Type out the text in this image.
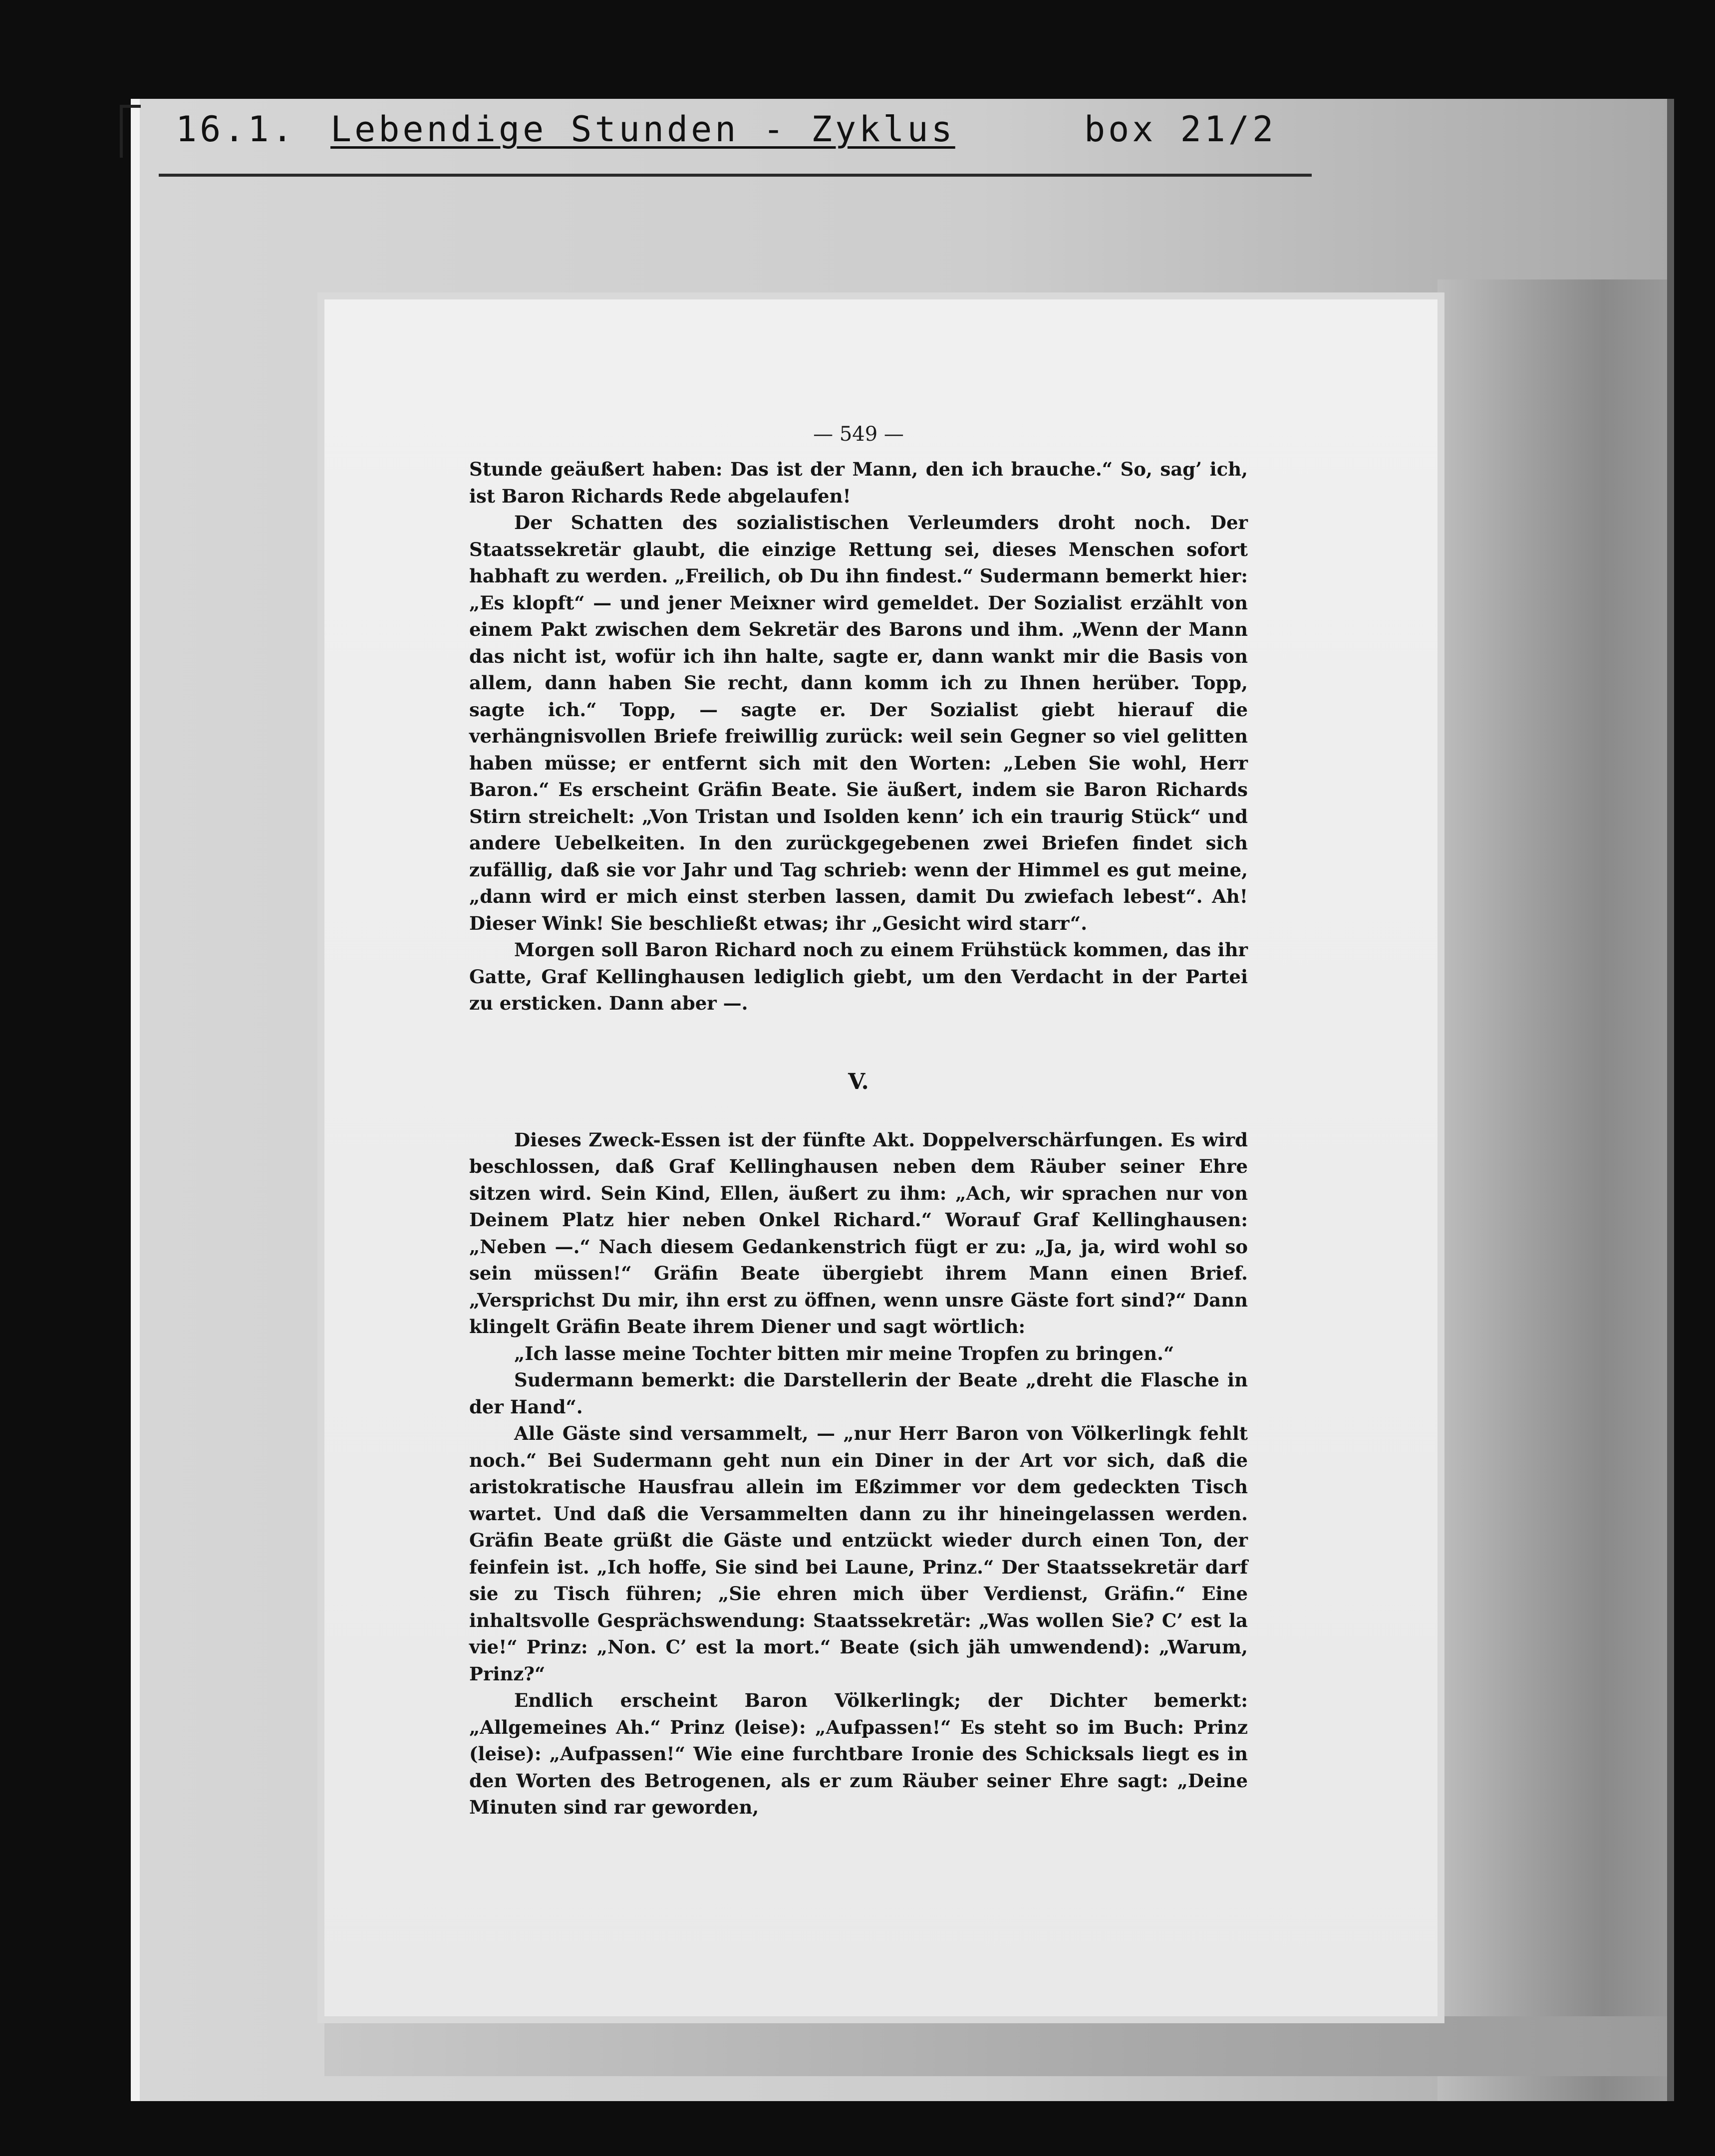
16.1. Lebendige Stunden - Zyklus	box 21/2
— 549 —

Stunde geäußert haben: Das ist der Mann, den ich brauche.“ So, sag’ ich, ist Baron Richards Rede abgelaufen!

Der Schatten des sozialistischen Verleumders droht noch. Der Staatssekretär glaubt, die einzige Rettung sei, dieses Menschen sofort habhaft zu werden. „Freilich, ob Du ihn findest.“ Sudermann bemerkt hier: „Es klopft“ — und jener Meixner wird gemeldet. Der Sozialist erzählt von einem Pakt zwischen dem Sekretär des Barons und ihm. „Wenn der Mann das nicht ist, wofür ich ihn halte, sagte er, dann wankt mir die Basis von allem, dann haben Sie recht, dann komm ich zu Ihnen herüber. Topp, sagte ich.“ Topp, — sagte er. Der Sozialist giebt hierauf die verhängnisvollen Briefe freiwillig zurück: weil sein Gegner so viel gelitten haben müsse; er entfernt sich mit den Worten: „Leben Sie wohl, Herr Baron.“ Es erscheint Gräfin Beate. Sie äußert, indem sie Baron Richards Stirn streichelt: „Von Tristan und Isolden kenn’ ich ein traurig Stück“ und andere Uebelkeiten. In den zurückgegebenen zwei Briefen findet sich zufällig, daß sie vor Jahr und Tag schrieb: wenn der Himmel es gut meine, „dann wird er mich einst sterben lassen, damit Du zwiefach lebest“. Ah! Dieser Wink! Sie beschließt etwas; ihr „Gesicht wird starr“.

Morgen soll Baron Richard noch zu einem Frühstück kommen, das ihr Gatte, Graf Kellinghausen lediglich giebt, um den Verdacht in der Partei zu ersticken. Dann aber —.

V.

Dieses Zweck-Essen ist der fünfte Akt. Doppelverschärfungen. Es wird beschlossen, daß Graf Kellinghausen neben dem Räuber seiner Ehre sitzen wird. Sein Kind, Ellen, äußert zu ihm: „Ach, wir sprachen nur von Deinem Platz hier neben Onkel Richard.“ Worauf Graf Kellinghausen: „Neben —.“ Nach diesem Gedankenstrich fügt er zu: „Ja, ja, wird wohl so sein müssen!“ Gräfin Beate übergiebt ihrem Mann einen Brief. „Versprichst Du mir, ihn erst zu öffnen, wenn unsre Gäste fort sind?“ Dann klingelt Gräfin Beate ihrem Diener und sagt wörtlich:

„Ich lasse meine Tochter bitten mir meine Tropfen zu bringen.“

Sudermann bemerkt: die Darstellerin der Beate „dreht die Flasche in der Hand“.

Alle Gäste sind versammelt, — „nur Herr Baron von Völkerlingk fehlt noch.“ Bei Sudermann geht nun ein Diner in der Art vor sich, daß die aristokratische Hausfrau allein im Eßzimmer vor dem gedeckten Tisch wartet. Und daß die Versammelten dann zu ihr hineingelassen werden. Gräfin Beate grüßt die Gäste und entzückt wieder durch einen Ton, der feinfein ist. „Ich hoffe, Sie sind bei Laune, Prinz.“ Der Staatssekretär darf sie zu Tisch führen; „Sie ehren mich über Verdienst, Gräfin.“ Eine inhaltsvolle Gesprächswendung: Staatssekretär: „Was wollen Sie? C’ est la vie!“ Prinz: „Non. C’ est la mort.“ Beate (sich jäh umwendend): „Warum, Prinz?“

Endlich erscheint Baron Völkerlingk; der Dichter bemerkt: „Allgemeines Ah.“ Prinz (leise): „Aufpassen!“ Es steht so im Buch: Prinz (leise): „Aufpassen!“ Wie eine furchtbare Ironie des Schicksals liegt es in den Worten des Betrogenen, als er zum Räuber seiner Ehre sagt: „Deine Minuten sind rar geworden,
